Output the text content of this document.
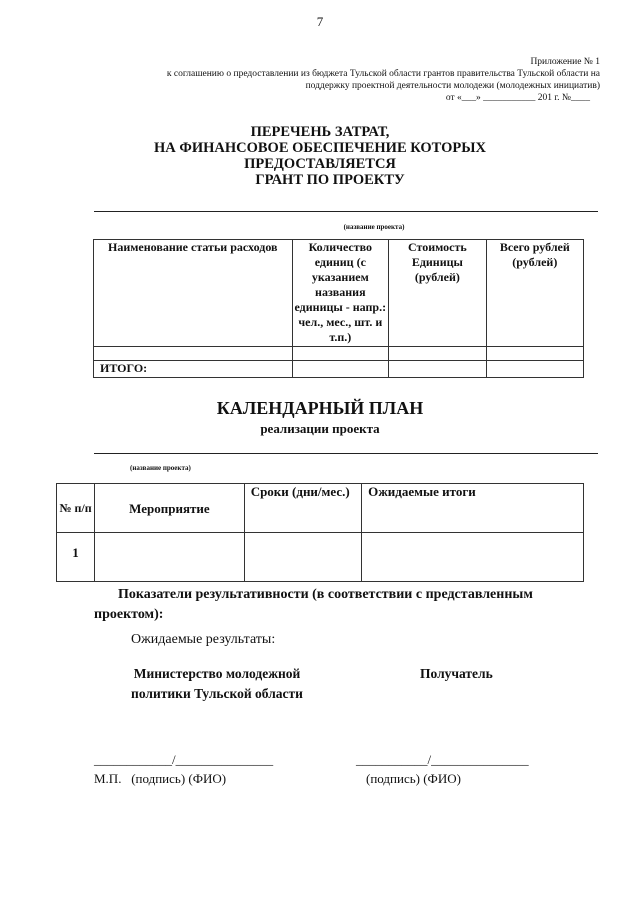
7
Приложение № 1
к соглашению о предоставлении из бюджета Тульской области грантов правительства Тульской области на
поддержку проектной деятельности молодежи (молодежных инициатив)
от «___» ___________ 201 г. №____
ПЕРЕЧЕНЬ ЗАТРАТ,
НА ФИНАНСОВОЕ ОБЕСПЕЧЕНИЕ КОТОРЫХ
ПРЕДОСТАВЛЯЕТСЯ
ГРАНТ ПО ПРОЕКТУ
(название проекта)
Наименование статьи расходов	Количество единиц (с указанием названия единицы - напр.: чел., мес., шт. и т.п.)	Стоимость Единицы (рублей)	Всего рублей (рублей)

ИТОГО:			
КАЛЕНДАРНЫЙ ПЛАН
реализации проекта
(название проекта)
№ п/п	Мероприятие	Сроки (дни/мес.)	Ожидаемые итоги
1			
Показатели результативности (в соответствии с представленным проектом):
Ожидаемые результаты:
Министерство молодежной
политики Тульской области
Получатель
____________/_______________
М.П.   (подпись) (ФИО)
___________/_______________
(подпись) (ФИО)
